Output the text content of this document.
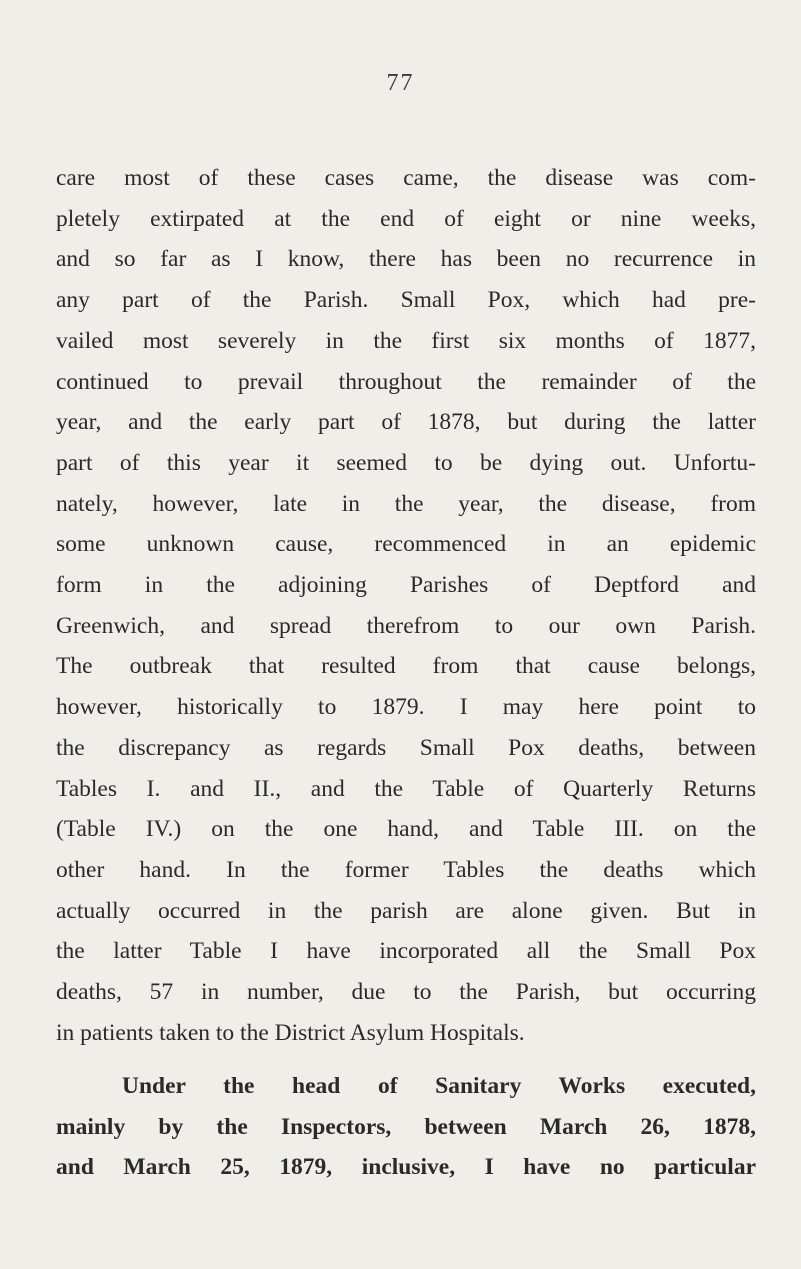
77
care most of these cases came, the disease was com-
pletely extirpated at the end of eight or nine weeks,
and so far as I know, there has been no recurrence in
any part of the Parish. Small Pox, which had pre-
vailed most severely in the first six months of 1877,
continued to prevail throughout the remainder of the
year, and the early part of 1878, but during the latter
part of this year it seemed to be dying out. Unfortu-
nately, however, late in the year, the disease, from
some unknown cause, recommenced in an epidemic
form in the adjoining Parishes of Deptford and
Greenwich, and spread therefrom to our own Parish.
The outbreak that resulted from that cause belongs,
however, historically to 1879. I may here point to
the discrepancy as regards Small Pox deaths, between
Tables I. and II., and the Table of Quarterly Returns
(Table IV.) on the one hand, and Table III. on the
other hand. In the former Tables the deaths which
actually occurred in the parish are alone given. But in
the latter Table I have incorporated all the Small Pox
deaths, 57 in number, due to the Parish, but occurring
in patients taken to the District Asylum Hospitals.
Under the head of Sanitary Works executed,
mainly by the Inspectors, between March 26, 1878,
and March 25, 1879, inclusive, I have no particular
